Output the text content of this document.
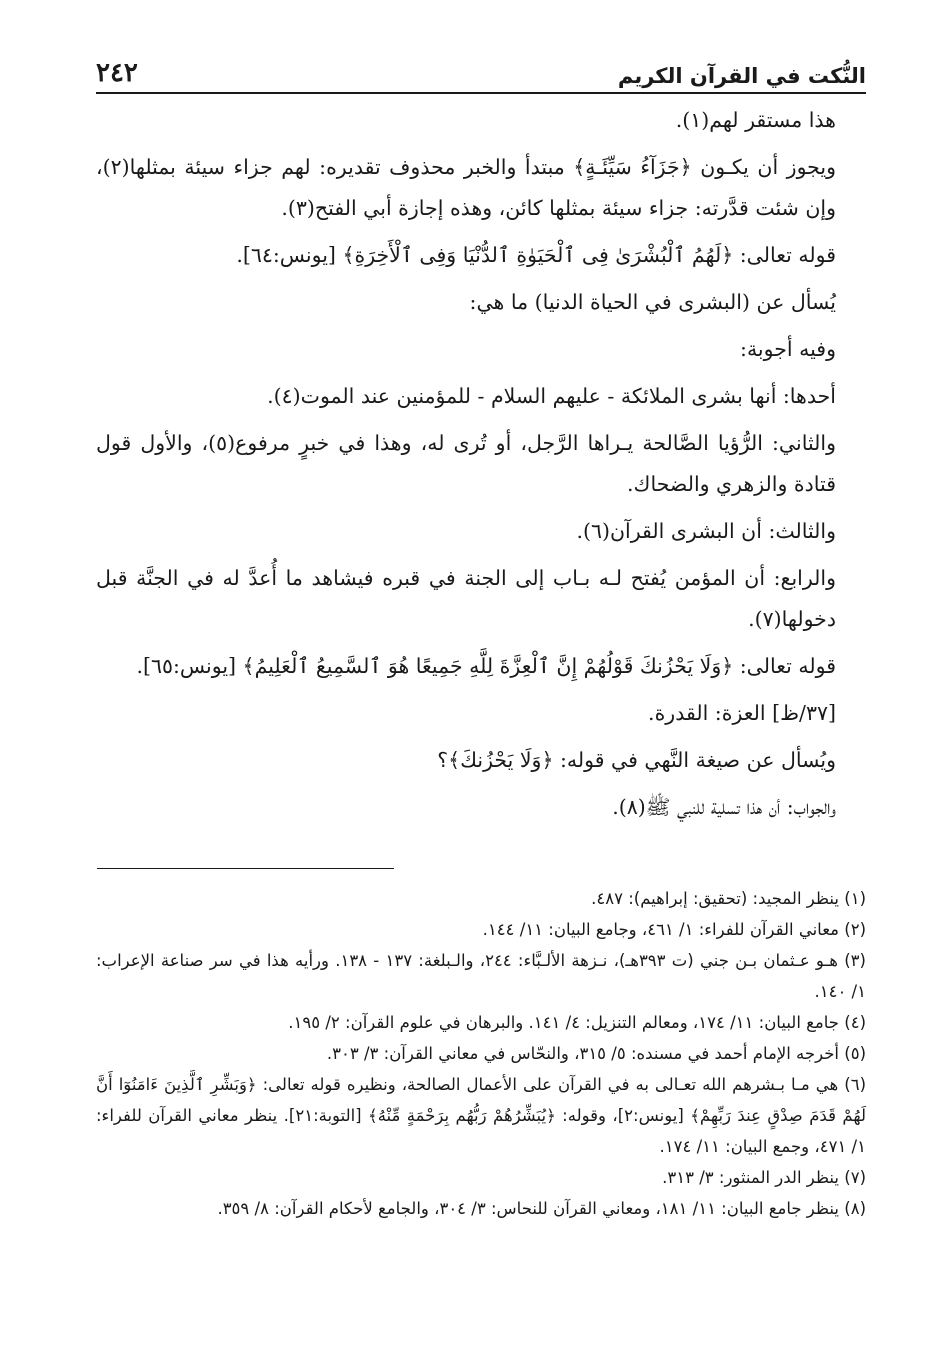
النُّكت في القرآن الكريم
٢٤٢

هذا مستقر لهم(١).

ويجوز أن يكـون ﴿جَزَآءُ سَيِّئَـةٍ﴾ مبتدأ والخبر محذوف تقديره: لهم جزاء سيئة بمثلها(٢)، وإن شئت قدَّرته: جزاء سيئة بمثلها كائن، وهذه إجازة أبي الفتح(٣).

قوله تعالى: ﴿لَهُمُ ٱلْبُشْرَىٰ فِى ٱلْحَيَوٰةِ ٱلدُّنْيَا وَفِى ٱلْأَخِرَةِ﴾ [يونس:٦٤].

يُسأل عن (البشرى في الحياة الدنيا) ما هي:

وفيه أجوبة:

أحدها: أنها بشرى الملائكة - عليهم السلام - للمؤمنين عند الموت(٤).

والثاني: الرُّؤيا الصَّالحة يـراها الرَّجل، أو تُرى له، وهذا في خبرٍ مرفوع(٥)، والأول قول قتادة والزهري والضحاك.

والثالث: أن البشرى القرآن(٦).

والرابع: أن المؤمن يُفتح لـه بـاب إلى الجنة في قبره فيشاهد ما أُعدَّ له في الجنَّة قبل دخولها(٧).

قوله تعالى: ﴿وَلَا يَحْزُنكَ قَوْلُهُمْ إِنَّ ٱلْعِزَّةَ لِلَّهِ جَمِيعًا هُوَ ٱلسَّمِيعُ ٱلْعَلِيمُ﴾ [يونس:٦٥].

[٣٧/ظ] العزة: القدرة.

ويُسأل عن صيغة النَّهي في قوله: ﴿وَلَا يَحْزُنكَ﴾؟

والجواب: أن هذا تسلية للنبي ﷺ(٨).

(١) ينظر المجيد: (تحقيق: إبراهيم): ٤٨٧.

(٢) معاني القرآن للفراء: ١/ ٤٦١، وجامع البيان: ١١/ ١٤٤.

(٣) هـو عـثمان بـن جني (ت ٣٩٣هـ)، نـزهة الألـبَّاء: ٢٤٤، والـبلغة: ١٣٧ - ١٣٨. ورأيه هذا في سر صناعة الإعراب: ١/ ١٤٠.

(٤) جامع البيان: ١١/ ١٧٤، ومعالم التنزيل: ٤/ ١٤١. والبرهان في علوم القرآن: ٢/ ١٩٥.

(٥) أخرجه الإمام أحمد في مسنده: ٥/ ٣١٥، والنحّاس في معاني القرآن: ٣/ ٣٠٣.

(٦) هي مـا بـشرهم الله تعـالى به في القرآن على الأعمال الصالحة، ونظيره قوله تعالى: ﴿وَبَشِّرِ ٱلَّذِينَ ءَامَنُوٓا أَنَّ لَهُمْ قَدَمَ صِدْقٍ عِندَ رَبِّهِمْ﴾ [يونس:٢]، وقوله: ﴿يُبَشِّرُهُمْ رَبُّهُم بِرَحْمَةٍ مِّنْهُ﴾ [التوبة:٢١]. ينظر معاني القرآن للفراء: ١/ ٤٧١، وجمع البيان: ١١/ ١٧٤.

(٧) ينظر الدر المنثور: ٣/ ٣١٣.

(٨) ينظر جامع البيان: ١١/ ١٨١، ومعاني القرآن للنحاس: ٣/ ٣٠٤، والجامع لأحكام القرآن: ٨/ ٣٥٩.
